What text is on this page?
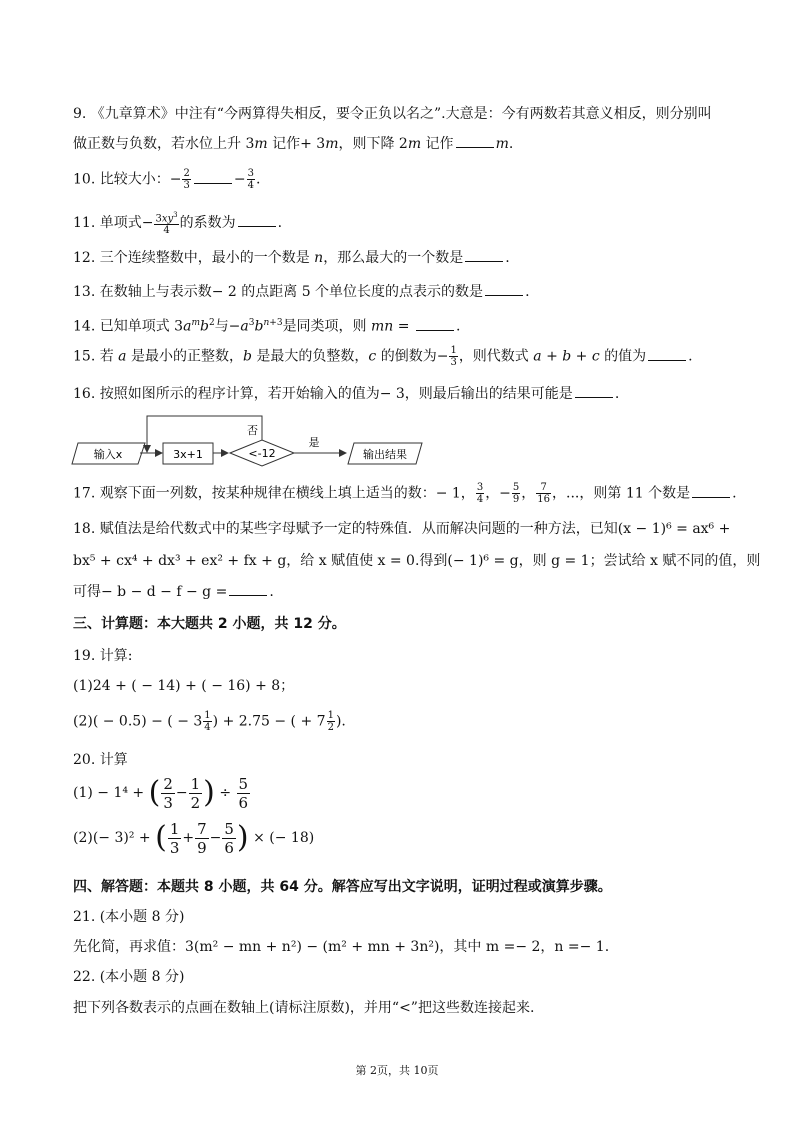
9. 《九章算术》中注有“今两算得失相反，要令正负以名之”.大意是：今有两数若其意义相反，则分别叫
做正数与负数，若水位上升 3m 记作+ 3m，则下降 2m 记作	m.
10. 比较大小：− $\frac{2}{3}$	− $\frac{3}{4}$ .
11. 单项式− $\frac{3xy^3}{4}$ 的系数为	.
12. 三个连续整数中，最小的一个数是 n，那么最大的一个数是	.
13. 在数轴上与表示数− 2 的点距离 5 个单位长度的点表示的数是	.
14. 已知单项式 $3a^mb^2$与$-a^3b^{n+3}$是同类项，则 mn =	.
15. 若 a 是最小的正整数，b 是最大的负整数，c 的倒数为− $\frac{1}{3}$ ，则代数式 a + b + c 的值为	.
16. 按照如图所示的程序计算，若开始输入的值为− 3，则最后输出的结果可能是	.
输入x	3x+1	<-12
否
是
输出结果
17. 观察下面一列数，按某种规律在横线上填上适当的数：− 1， $\frac{3}{4}$ ，− $\frac{5}{9}$ ， $\frac{7}{16}$ ，...，则第 11 个数是	.
18. 赋值法是给代数式中的某些字母赋予一定的特殊值．从而解决问题的一种方法，已知(x − 1)⁶ = ax⁶ +
bx⁵ + cx⁴ + dx³ + ex² + fx + g，给 x 赋值使 x = 0.得到(− 1)⁶ = g，则 g = 1；尝试给 x 赋不同的值，则
可得− b − d − f − g =	.
三、计算题：本大题共 2 小题，共 12 分。
19. 计算:
(1)24 + ( − 14) + ( − 16) + 8；
(2)( − 0.5) − ( − $3 \frac{1}{4}$ ) + 2.75 − ( + $7 \frac{1}{2}$ ).
20. 计算
(1) − 1⁴ + ( $\frac{2}{3} - \frac{1}{2}$ ) ÷ $\frac{5}{6}$
(2)(− 3)² + ( $\frac{1}{3} + \frac{7}{9} - \frac{5}{6}$ ) × (− 18)
四、解答题：本题共 8 小题，共 64 分。解答应写出文字说明，证明过程或演算步骤。
21. (本小题 8 分)
先化简，再求值：3(m² − mn + n²) − (m² + mn + 3n²)，其中 m =− 2，n =− 1.
22. (本小题 8 分)
把下列各数表示的点画在数轴上(请标注原数)，并用“<”把这些数连接起来.
第 2页，共 10页
